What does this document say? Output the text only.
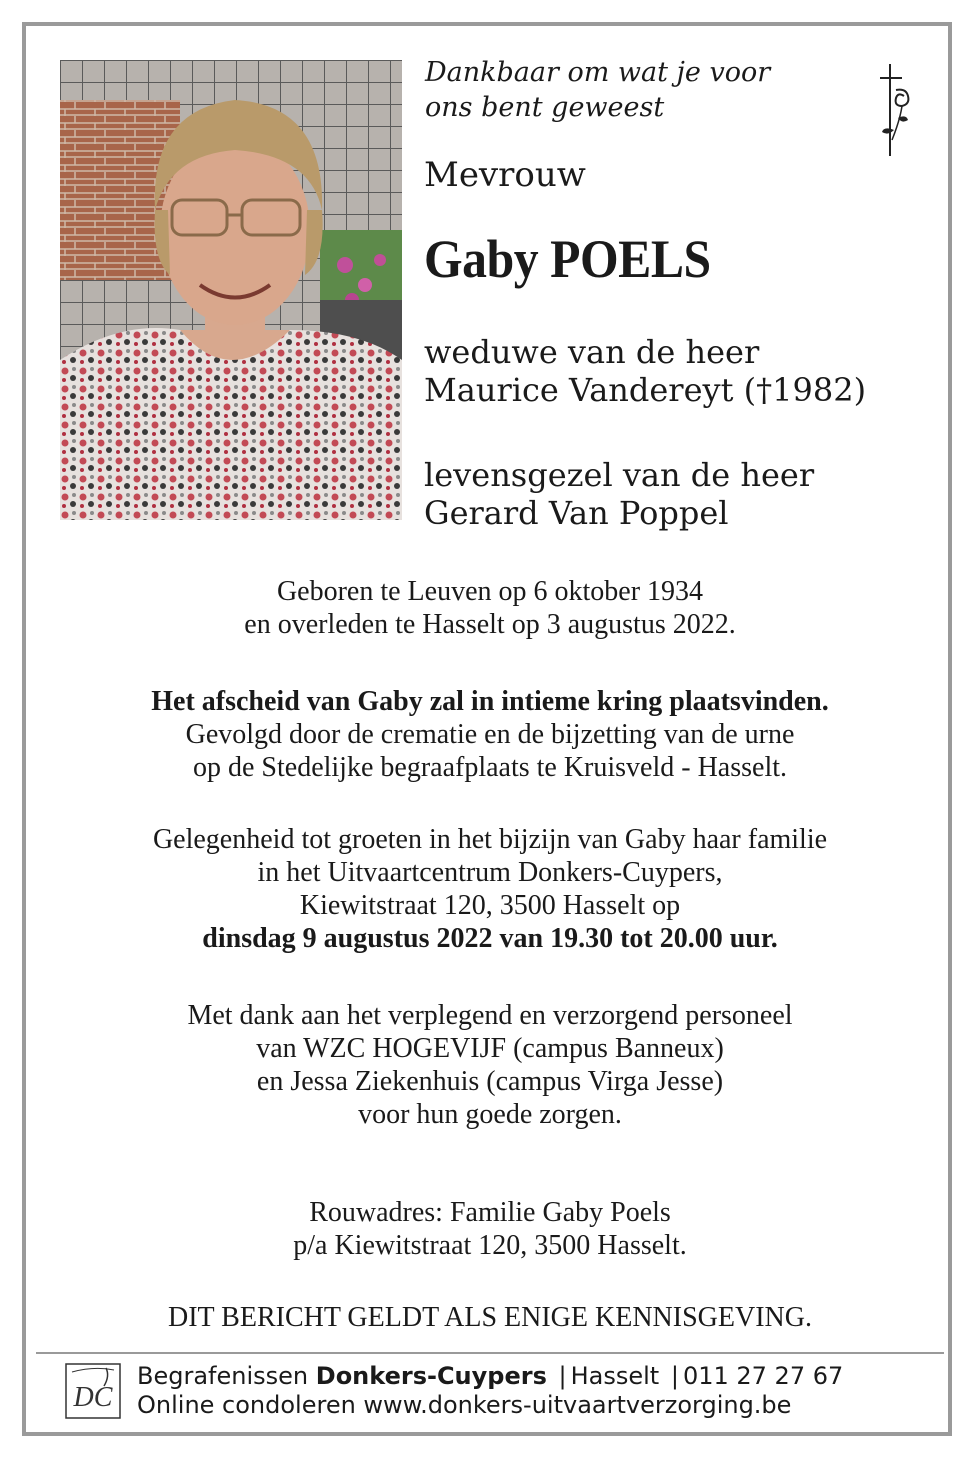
Dankbaar om wat je voor
ons bent geweest
Mevrouw
Gaby POELS
weduwe van de heer
Maurice Vandereyt (†1982)
levensgezel van de heer
Gerard Van Poppel
Geboren te Leuven op 6 oktober 1934
en overleden te Hasselt op 3 augustus 2022.
Het afscheid van Gaby zal in intieme kring plaatsvinden.
Gevolgd door de crematie en de bijzetting van de urne
op de Stedelijke begraafplaats te Kruisveld - Hasselt.
Gelegenheid tot groeten in het bijzijn van Gaby haar familie
in het Uitvaartcentrum Donkers-Cuypers,
Kiewitstraat 120, 3500 Hasselt op
dinsdag 9 augustus 2022 van 19.30 tot 20.00 uur.
Met dank aan het verplegend en verzorgend personeel
van WZC HOGEVIJF (campus Banneux)
en Jessa Ziekenhuis (campus Virga Jesse)
voor hun goede zorgen.
Rouwadres: Familie Gaby Poels
p/a Kiewitstraat 120, 3500 Hasselt.
DIT BERICHT GELDT ALS ENIGE KENNISGEVING.
DC
Begrafenissen Donkers-Cuypers | Hasselt | 011 27 27 67
Online condoleren www.donkers-uitvaartverzorging.be
